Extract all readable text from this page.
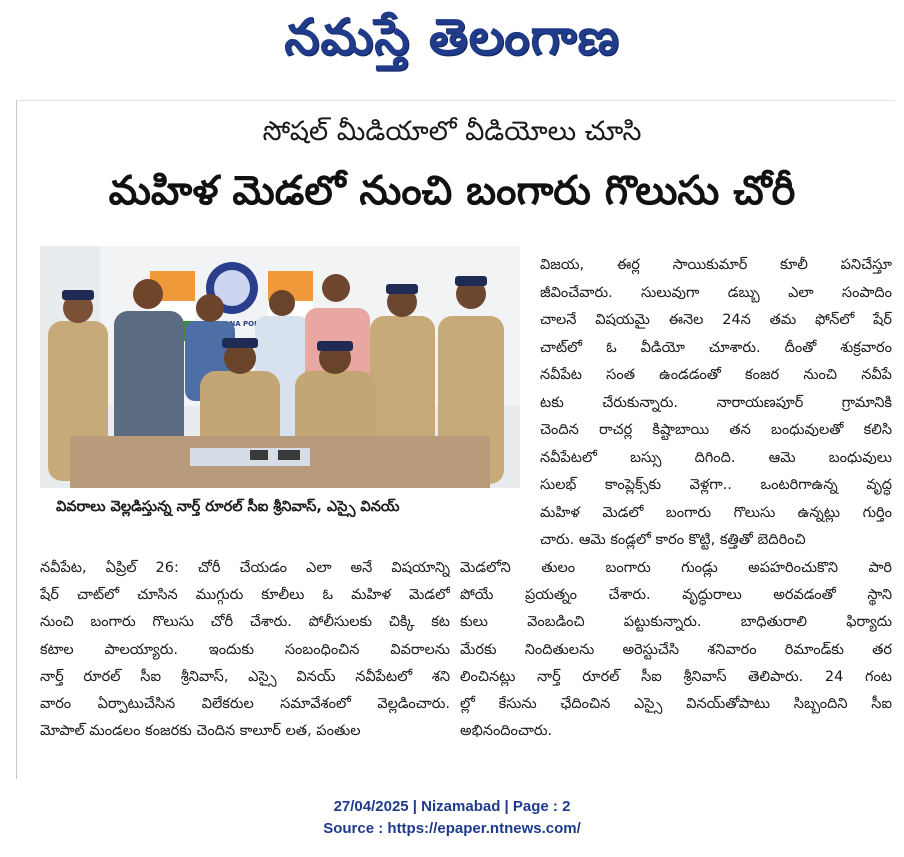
నమస్తే తెలంగాణ
సోషల్ మీడియాలో వీడియోలు చూసి
మహిళ మెడలో నుంచి బంగారు గొలుసు చోరీ
వివరాలు వెల్లడిస్తున్న నార్త్ రూరల్ సీఐ శ్రీనివాస్, ఎస్సై వినయ్
విజయ, ఈర్ల సాయికుమార్ కూలీ పనిచేస్తూ
జీవించేవారు. సులువుగా డబ్బు ఎలా సంపాదిం
చాలనే విషయమై ఈనెల 24న తమ ఫోన్‌లో షేర్
చాట్‌లో ఓ వీడియో చూశారు. దీంతో శుక్రవారం
నవీపేట సంత ఉండడంతో కంజర నుంచి నవీపే
టకు చేరుకున్నారు. నారాయణపూర్ గ్రామానికి
చెందిన రాచర్ల కిష్టాబాయి తన బంధువులతో కలిసి
నవీపేటలో బస్సు దిగింది. ఆమె బంధువులు
సులభ్ కాంప్లెక్స్‌కు వెళ్లగా.. ఒంటరిగాఉన్న వృద్ధ
మహిళ మెడలో బంగారు గొలుసు ఉన్నట్లు గుర్తిం
చారు. ఆమె కండ్లలో కారం కొట్టి, కత్తితో బెదిరించి
నవీపేట, ఏప్రిల్ 26: చోరీ చేయడం ఎలా అనే విషయాన్ని
షేర్ చాట్‌లో చూసిన ముగ్గురు కూలీలు ఓ మహిళ మెడలో
నుంచి బంగారు గొలుసు చోరీ చేశారు. పోలీసులకు చిక్కి కట
కటాల పాలయ్యారు. ఇందుకు సంబంధించిన వివరాలను
నార్త్ రూరల్ సీఐ శ్రీనివాస్, ఎస్సై వినయ్ నవీపేటలో శని
వారం ఏర్పాటుచేసిన విలేకరుల సమావేశంలో వెల్లడించారు.
మోపాల్ మండలం కంజరకు చెందిన కాలూర్ లత, పంతుల
మెడలోని తులం బంగారు గుండ్లు అపహరించుకొని పారి
పోయే ప్రయత్నం చేశారు. వృద్ధురాలు అరవడంతో స్థాని
కులు వెంబడించి పట్టుకున్నారు. బాధితురాలి ఫిర్యాదు
మేరకు నిందితులను అరెస్టుచేసి శనివారం రిమాండ్‌కు తర
లించినట్లు నార్త్ రూరల్ సీఐ శ్రీనివాస్ తెలిపారు. 24 గంట
ల్లో కేసును ఛేదించిన ఎస్సై వినయ్‌తోపాటు సిబ్బందిని సీఐ
అభినందించారు.
27/04/2025 | Nizamabad | Page : 2
Source : https://epaper.ntnews.com/
